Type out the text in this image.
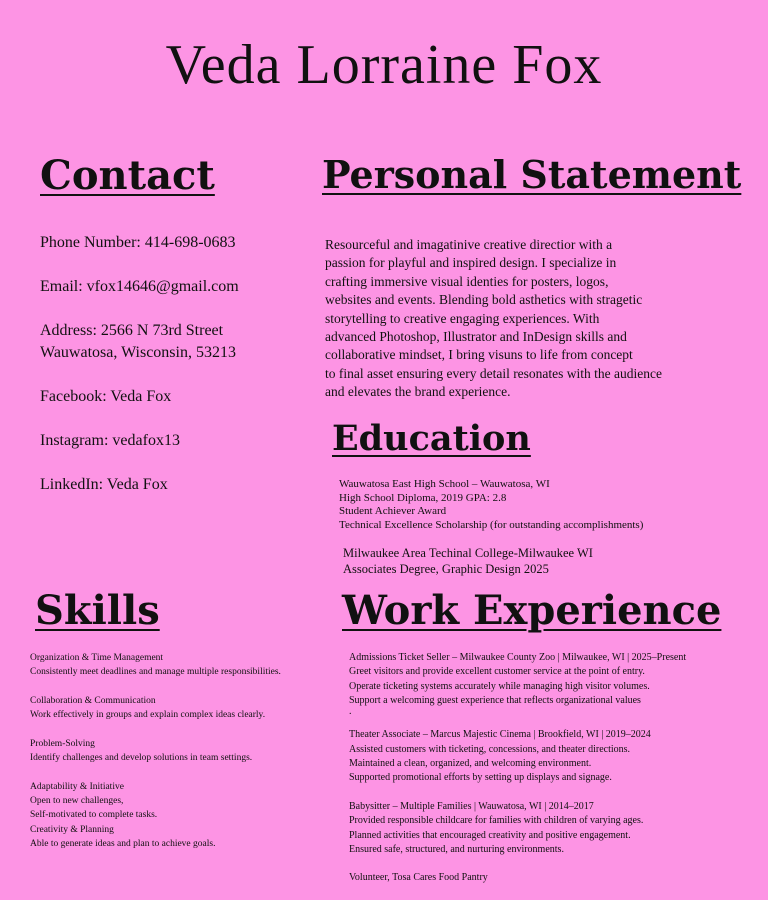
Veda Lorraine Fox
Contact	Personal Statement
Phone Number: 414-698-0683
Email: vfox14646@gmail.com
Address: 2566 N 73rd Street
Wauwatosa, Wisconsin, 53213
Facebook: Veda Fox
Instagram: vedafox13
LinkedIn: Veda Fox
Resourceful and imagatinive creative directior with a
passion for playful and inspired design. I specialize in
crafting immersive visual identies for posters, logos,
websites and events. Blending bold asthetics with stragetic
storytelling to creative engaging experiences. With
advanced Photoshop, Illustrator and InDesign skills and
collaborative mindset, I bring visuns to life from concept
to final asset ensuring every detail resonates with the audience
and elevates the brand experience.
Education
Wauwatosa East High School – Wauwatosa, WI
High School Diploma, 2019 GPA: 2.8
Student Achiever Award
Technical Excellence Scholarship (for outstanding accomplishments)
Milwaukee Area Techinal College-Milwaukee WI
Associates Degree, Graphic Design 2025
Skills	Work Experience
Organization & Time Management
Consistently meet deadlines and manage multiple responsibilities.
Collaboration & Communication
Work effectively in groups and explain complex ideas clearly.
Problem-Solving
Identify challenges and develop solutions in team settings.
Adaptability & Initiative
Open to new challenges,
Self-motivated to complete tasks.
Creativity & Planning
Able to generate ideas and plan to achieve goals.
Admissions Ticket Seller – Milwaukee County Zoo | Milwaukee, WI | 2025–Present
Greet visitors and provide excellent customer service at the point of entry.
Operate ticketing systems accurately while managing high visitor volumes.
Support a welcoming guest experience that reflects organizational values
.
Theater Associate – Marcus Majestic Cinema | Brookfield, WI | 2019–2024
Assisted customers with ticketing, concessions, and theater directions.
Maintained a clean, organized, and welcoming environment.
Supported promotional efforts by setting up displays and signage.
Babysitter – Multiple Families | Wauwatosa, WI | 2014–2017
Provided responsible childcare for families with children of varying ages.
Planned activities that encouraged creativity and positive engagement.
Ensured safe, structured, and nurturing environments.
Volunteer, Tosa Cares Food Pantry
